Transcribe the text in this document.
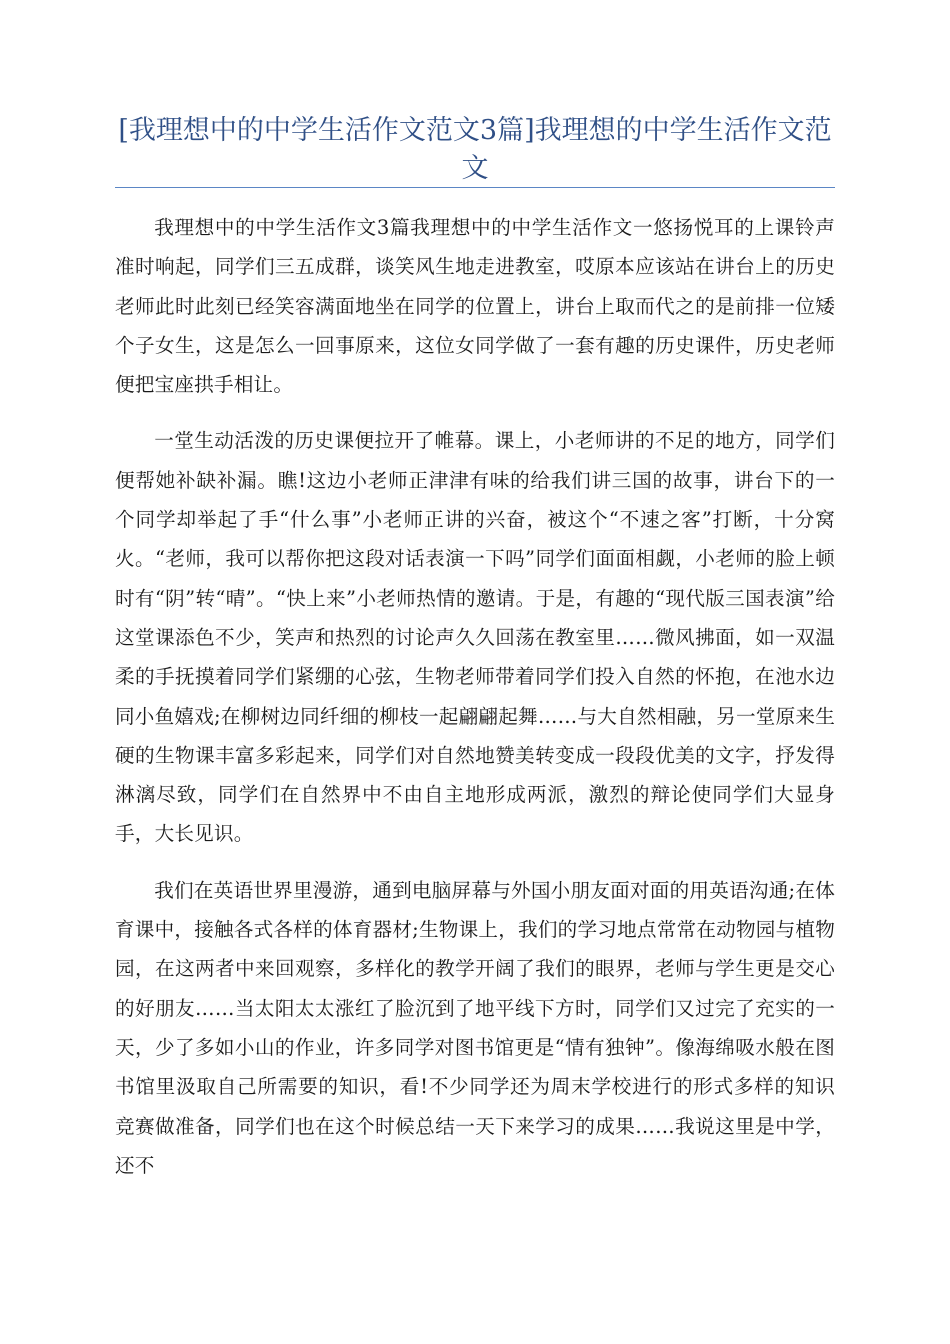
[我理想中的中学生活作文范文3篇]我理想的中学生活作文范文

我理想中的中学生活作文3篇我理想中的中学生活作文一悠扬悦耳的上课铃声准时响起，同学们三五成群，谈笑风生地走进教室，哎原本应该站在讲台上的历史老师此时此刻已经笑容满面地坐在同学的位置上，讲台上取而代之的是前排一位矮个子女生，这是怎么一回事原来，这位女同学做了一套有趣的历史课件，历史老师便把宝座拱手相让。

一堂生动活泼的历史课便拉开了帷幕。课上，小老师讲的不足的地方，同学们便帮她补缺补漏。瞧!这边小老师正津津有味的给我们讲三国的故事，讲台下的一个同学却举起了手“什么事”小老师正讲的兴奋，被这个“不速之客”打断，十分窝火。“老师，我可以帮你把这段对话表演一下吗”同学们面面相觑，小老师的脸上顿时有“阴”转“晴”。“快上来”小老师热情的邀请。于是，有趣的“现代版三国表演”给这堂课添色不少，笑声和热烈的讨论声久久回荡在教室里……微风拂面，如一双温柔的手抚摸着同学们紧绷的心弦，生物老师带着同学们投入自然的怀抱，在池水边同小鱼嬉戏;在柳树边同纤细的柳枝一起翩翩起舞……与大自然相融，另一堂原来生硬的生物课丰富多彩起来，同学们对自然地赞美转变成一段段优美的文字，抒发得淋漓尽致，同学们在自然界中不由自主地形成两派，激烈的辩论使同学们大显身手，大长见识。

我们在英语世界里漫游，通到电脑屏幕与外国小朋友面对面的用英语沟通;在体育课中，接触各式各样的体育器材;生物课上，我们的学习地点常常在动物园与植物园，在这两者中来回观察，多样化的教学开阔了我们的眼界，老师与学生更是交心的好朋友……当太阳太太涨红了脸沉到了地平线下方时，同学们又过完了充实的一天，少了多如小山的作业，许多同学对图书馆更是“情有独钟”。像海绵吸水般在图书馆里汲取自己所需要的知识，看!不少同学还为周末学校进行的形式多样的知识竞赛做准备，同学们也在这个时候总结一天下来学习的成果……我说这里是中学，还不
